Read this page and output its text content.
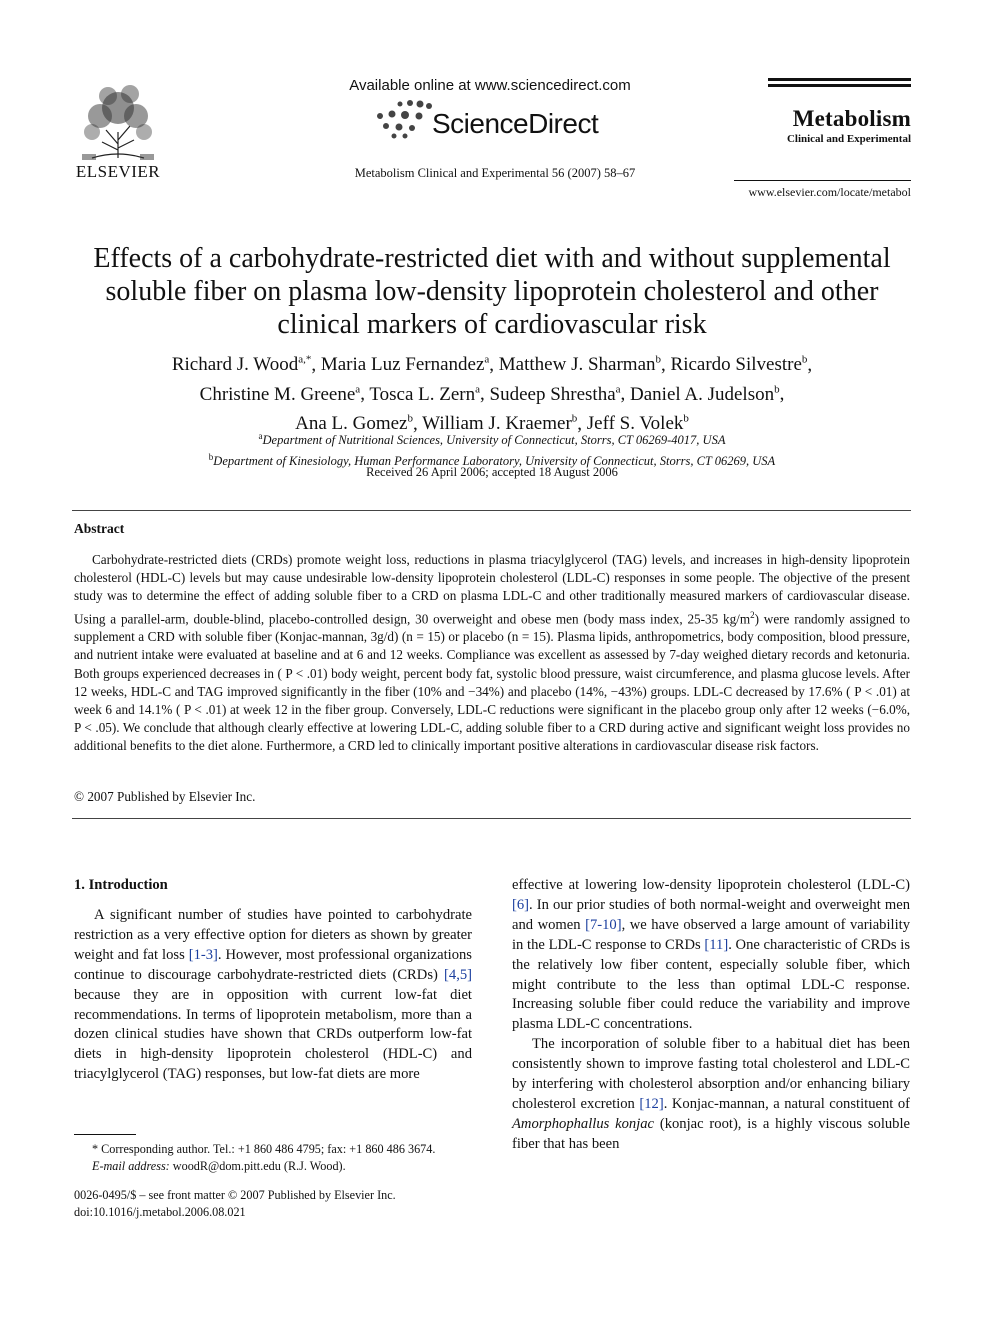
ELSEVIER
Available online at www.sciencedirect.com
ScienceDirect
Metabolism Clinical and Experimental 56 (2007) 58–67
Metabolism
Clinical and Experimental
www.elsevier.com/locate/metabol
Effects of a carbohydrate-restricted diet with and without supplemental soluble fiber on plasma low-density lipoprotein cholesterol and other clinical markers of cardiovascular risk
Richard J. Wood$^{a,*}$, Maria Luz Fernandez$^a$, Matthew J. Sharman$^b$, Ricardo Silvestre$^b$,
Christine M. Greene$^a$, Tosca L. Zern$^a$, Sudeep Shrestha$^a$, Daniel A. Judelson$^b$,
Ana L. Gomez$^b$, William J. Kraemer$^b$, Jeff S. Volek$^b$
$^a$Department of Nutritional Sciences, University of Connecticut, Storrs, CT 06269-4017, USA
$^b$Department of Kinesiology, Human Performance Laboratory, University of Connecticut, Storrs, CT 06269, USA
Received 26 April 2006; accepted 18 August 2006
Abstract
Carbohydrate-restricted diets (CRDs) promote weight loss, reductions in plasma triacylglycerol (TAG) levels, and increases in high-density lipoprotein cholesterol (HDL-C) levels but may cause undesirable low-density lipoprotein cholesterol (LDL-C) responses in some people. The objective of the present study was to determine the effect of adding soluble fiber to a CRD on plasma LDL-C and other traditionally measured markers of cardiovascular disease. Using a parallel-arm, double-blind, placebo-controlled design, 30 overweight and obese men (body mass index, 25-35 $kg/m^2$) were randomly assigned to supplement a CRD with soluble fiber (Konjac-mannan, 3g/d) (n = 15) or placebo (n = 15). Plasma lipids, anthropometrics, body composition, blood pressure, and nutrient intake were evaluated at baseline and at 6 and 12 weeks. Compliance was excellent as assessed by 7-day weighed dietary records and ketonuria. Both groups experienced decreases in ( P < .01) body weight, percent body fat, systolic blood pressure, waist circumference, and plasma glucose levels. After 12 weeks, HDL-C and TAG improved significantly in the fiber (10% and −34%) and placebo (14%, −43%) groups. LDL-C decreased by 17.6% ( P < .01) at week 6 and 14.1% ( P < .01) at week 12 in the fiber group. Conversely, LDL-C reductions were significant in the placebo group only after 12 weeks (−6.0%, P < .05). We conclude that although clearly effective at lowering LDL-C, adding soluble fiber to a CRD during active and significant weight loss provides no additional benefits to the diet alone. Furthermore, a CRD led to clinically important positive alterations in cardiovascular disease risk factors.
© 2007 Published by Elsevier Inc.
1. Introduction

A significant number of studies have pointed to carbohydrate restriction as a very effective option for dieters as shown by greater weight and fat loss [1-3]. However, most professional organizations continue to discourage carbohydrate-restricted diets (CRDs) [4,5] because they are in opposition with current low-fat diet recommendations. In terms of lipoprotein metabolism, more than a dozen clinical studies have shown that CRDs outperform low-fat diets in high-density lipoprotein cholesterol (HDL-C) and triacylglycerol (TAG) responses, but low-fat diets are more

effective at lowering low-density lipoprotein cholesterol (LDL-C) [6]. In our prior studies of both normal-weight and overweight men and women [7-10], we have observed a large amount of variability in the LDL-C response to CRDs [11]. One characteristic of CRDs is the relatively low fiber content, especially soluble fiber, which might contribute to the less than optimal LDL-C response. Increasing soluble fiber could reduce the variability and improve plasma LDL-C concentrations.

The incorporation of soluble fiber to a habitual diet has been consistently shown to improve fasting total cholesterol and LDL-C by interfering with cholesterol absorption and/or enhancing biliary cholesterol excretion [12]. Konjac-mannan, a natural constituent of Amorphophallus konjac (konjac root), is a highly viscous soluble fiber that has been

* Corresponding author. Tel.: +1 860 486 4795; fax: +1 860 486 3674.
E-mail address: woodR@dom.pitt.edu (R.J. Wood).
0026-0495/$ – see front matter © 2007 Published by Elsevier Inc.
doi:10.1016/j.metabol.2006.08.021
